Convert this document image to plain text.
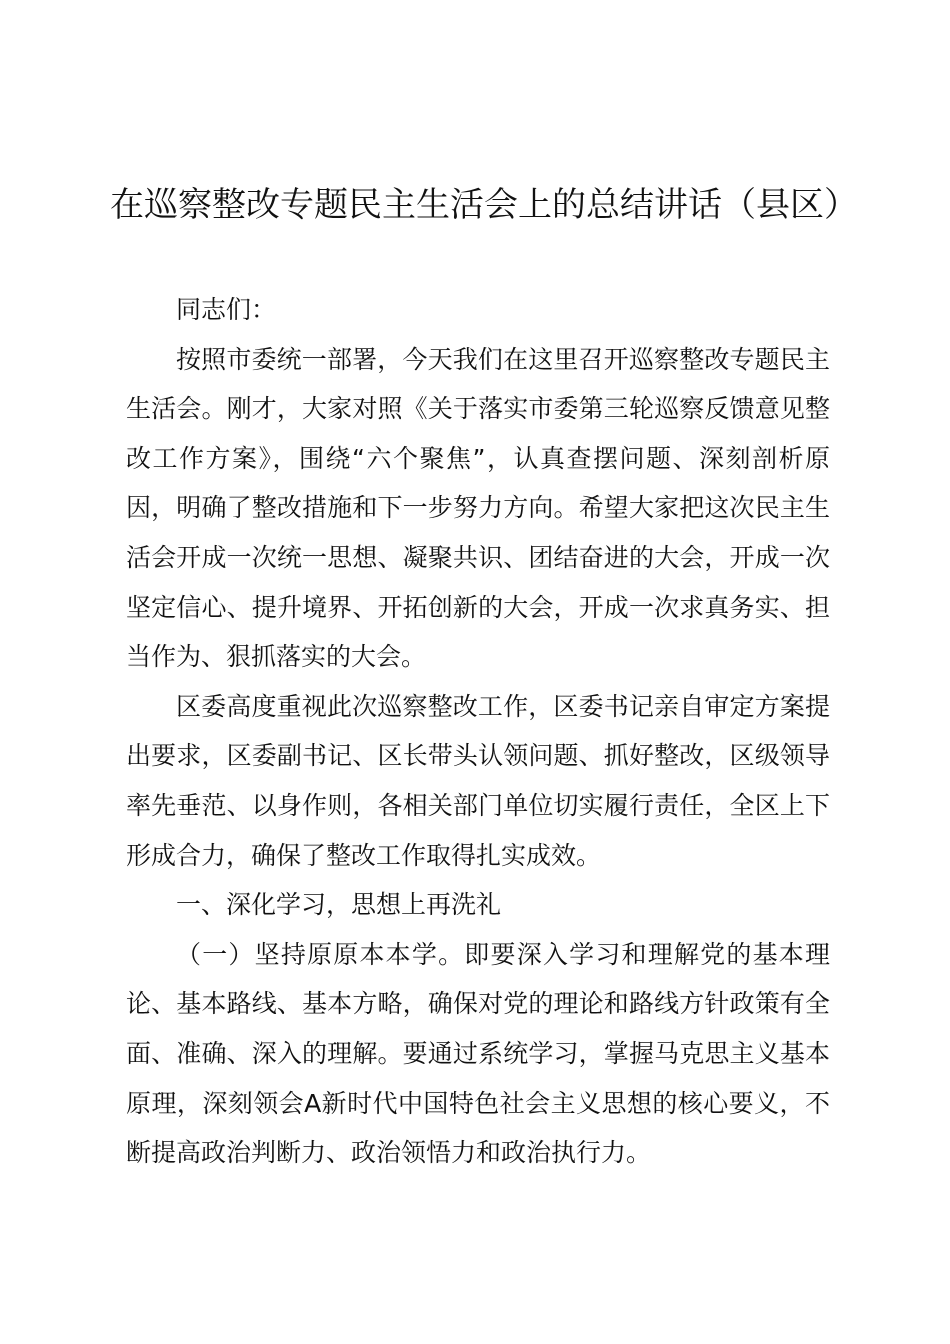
在巡察整改专题民主生活会上的总结讲话（县区）

同志们：

按照市委统一部署，今天我们在这里召开巡察整改专题民主生活会。刚才，大家对照《关于落实市委第三轮巡察反馈意见整改工作方案》，围绕“六个聚焦”，认真查摆问题、深刻剖析原因，明确了整改措施和下一步努力方向。希望大家把这次民主生活会开成一次统一思想、凝聚共识、团结奋进的大会，开成一次坚定信心、提升境界、开拓创新的大会，开成一次求真务实、担当作为、狠抓落实的大会。

区委高度重视此次巡察整改工作，区委书记亲自审定方案提出要求，区委副书记、区长带头认领问题、抓好整改，区级领导率先垂范、以身作则，各相关部门单位切实履行责任，全区上下形成合力，确保了整改工作取得扎实成效。

一、深化学习，思想上再洗礼

（一）坚持原原本本学。即要深入学习和理解党的基本理论、基本路线、基本方略，确保对党的理论和路线方针政策有全面、准确、深入的理解。要通过系统学习，掌握马克思主义基本原理，深刻领会A新时代中国特色社会主义思想的核心要义，不断提高政治判断力、政治领悟力和政治执行力。
